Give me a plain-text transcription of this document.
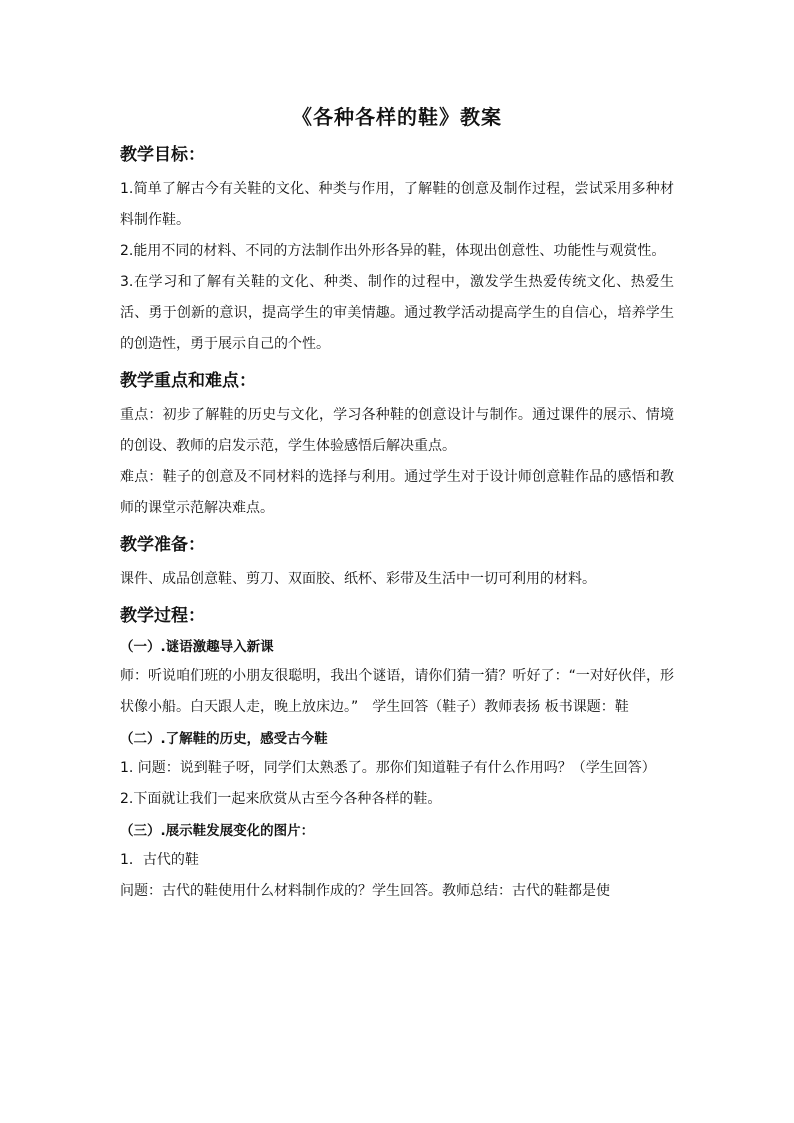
《各种各样的鞋》教案
教学目标：

1.简单了解古今有关鞋的文化、种类与作用，了解鞋的创意及制作过程，尝试采用多种材料制作鞋。

2.能用不同的材料、不同的方法制作出外形各异的鞋，体现出创意性、功能性与观赏性。

3.在学习和了解有关鞋的文化、种类、制作的过程中，激发学生热爱传统文化、热爱生活、勇于创新的意识，提高学生的审美情趣。通过教学活动提高学生的自信心，培养学生的创造性，勇于展示自己的个性。

教学重点和难点：

重点：初步了解鞋的历史与文化，学习各种鞋的创意设计与制作。通过课件的展示、情境的创设、教师的启发示范，学生体验感悟后解决重点。

难点：鞋子的创意及不同材料的选择与利用。通过学生对于设计师创意鞋作品的感悟和教师的课堂示范解决难点。

教学准备：

课件、成品创意鞋、剪刀、双面胶、纸杯、彩带及生活中一切可利用的材料。

教学过程：
（一）.谜语激趣导入新课

师：听说咱们班的小朋友很聪明，我出个谜语，请你们猜一猜？听好了：“一对好伙伴，形状像小船。白天跟人走，晚上放床边。”　学生回答（鞋子）教师表扬 板书课题：鞋

（二）.了解鞋的历史，感受古今鞋

1. 问题：说到鞋子呀，同学们太熟悉了。那你们知道鞋子有什么作用吗？（学生回答）

2.下面就让我们一起来欣赏从古至今各种各样的鞋。

（三）.展示鞋发展变化的图片：

1．古代的鞋

问题：古代的鞋使用什么材料制作成的？学生回答。教师总结：古代的鞋都是使
